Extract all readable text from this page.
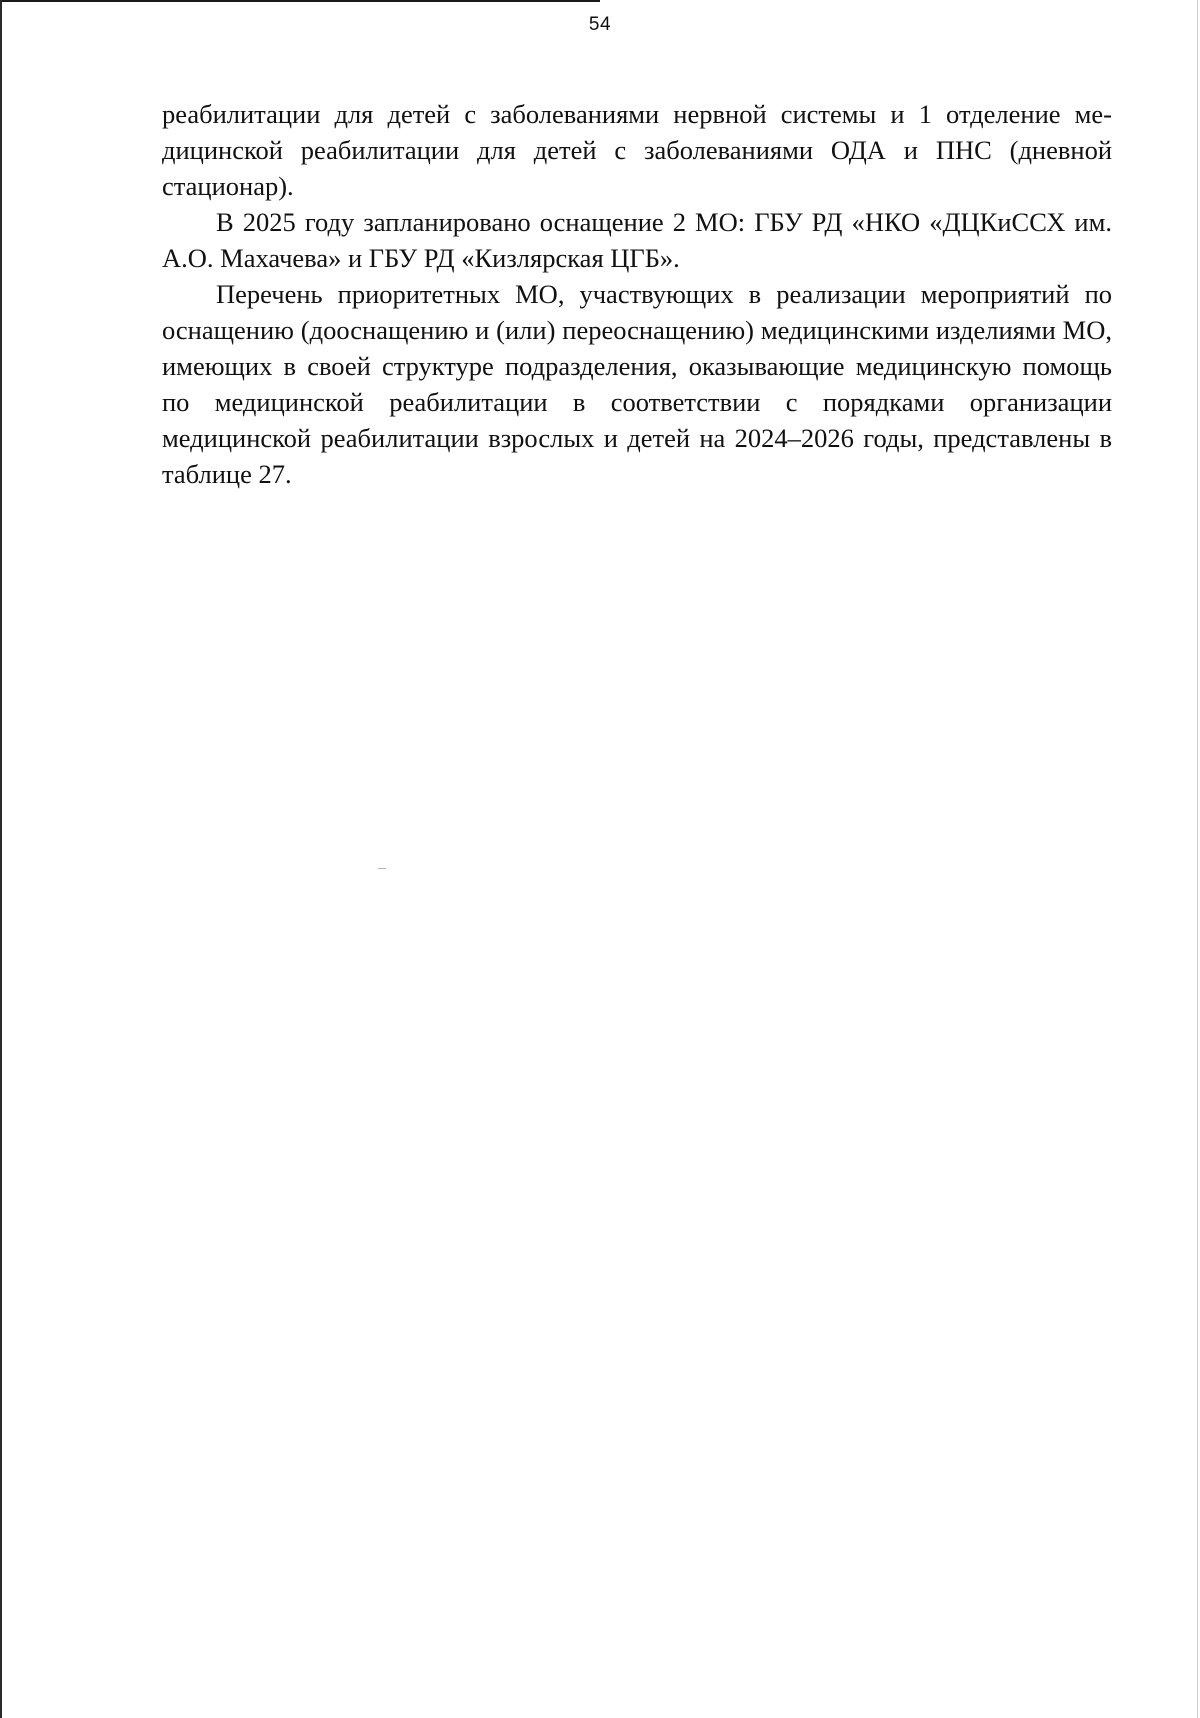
54

реабилитации для детей с заболеваниями нервной системы и 1 отделение медицинской реабилитации для детей с заболеваниями ОДА и ПНС (дневной стационар).

В 2025 году запланировано оснащение 2 МО: ГБУ РД «НКО «ДЦКиССХ им. А.О. Махачева» и ГБУ РД «Кизлярская ЦГБ».

Перечень приоритетных МО, участвующих в реализации мероприятий по оснащению (дооснащению и (или) переоснащению) медицинскими изделиями МО, имеющих в своей структуре подразделения, оказывающие медицинскую помощь по медицинской реабилитации в соответствии с порядками организации медицинской реабилитации взрослых и детей на 2024–2026 годы, представлены в таблице 27.
